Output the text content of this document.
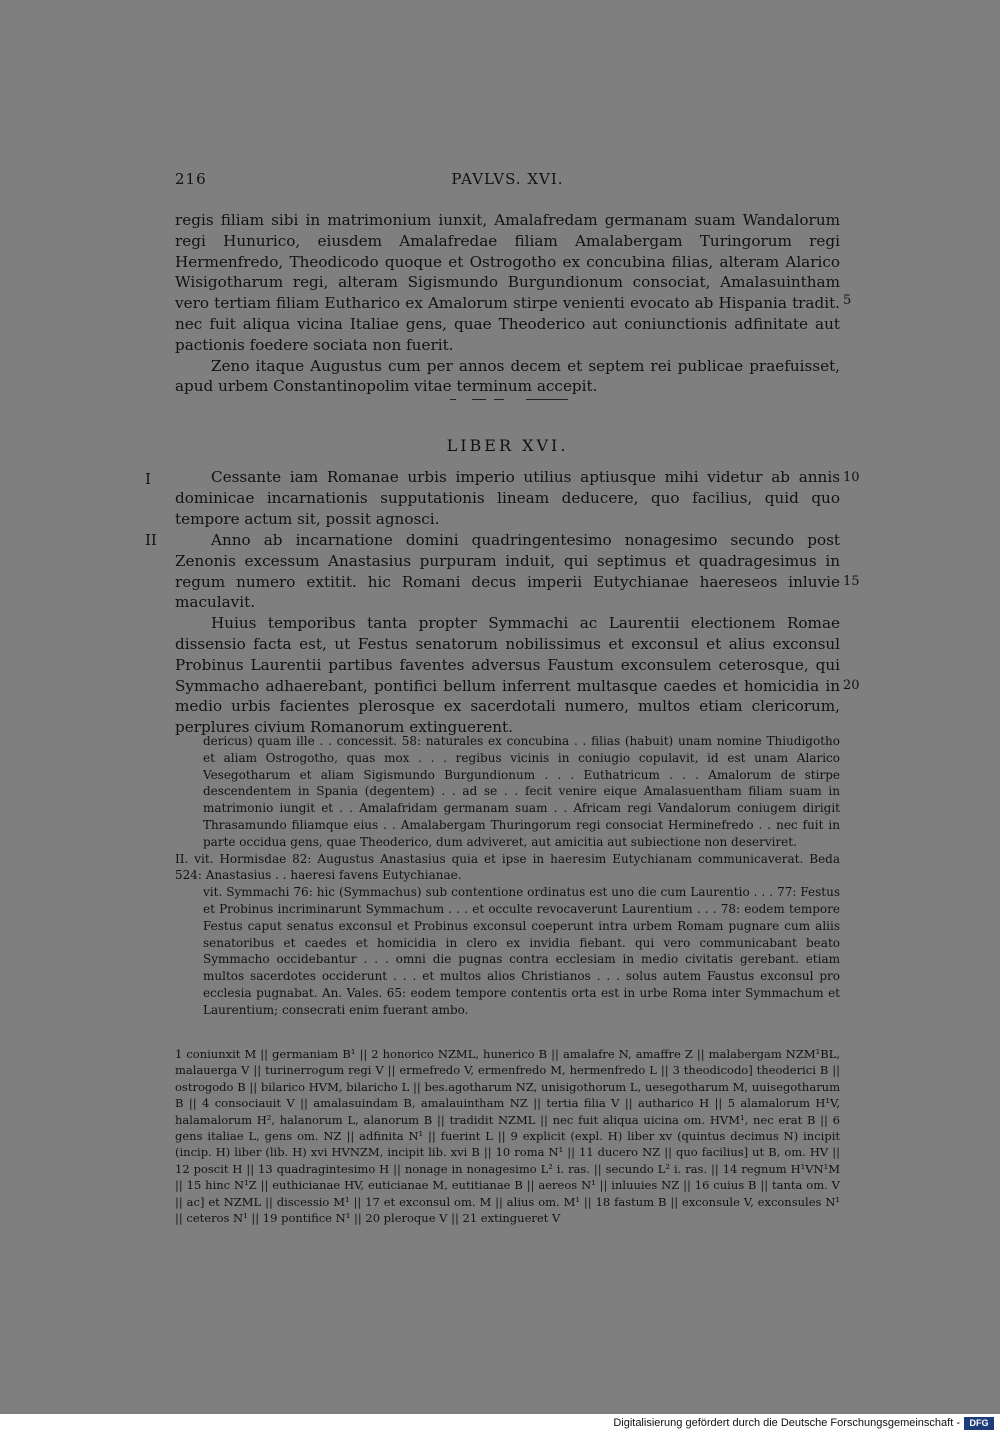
216	PAVLVS. XVI.

regis filiam sibi in matrimonium iunxit, Amalafredam germanam suam Wandalorum regi Hunurico, eiusdem Amalafredae filiam Amalabergam Turingorum regi Hermenfredo, Theodicodo quoque et Ostrogotho ex concubina filias, alteram Alarico Wisigotharum regi, alteram Sigismundo Burgundionum consociat, Amalasuintham vero tertiam filiam Eutharico ex Amalorum stirpe venienti evocato ab Hispania tradit. nec fuit aliqua vicina Italiae gens, quae Theoderico aut coniunctionis adfinitate aut pactionis foedere sociata non fuerit.

Zeno itaque Augustus cum per annos decem et septem rei publicae praefuisset, apud urbem Constantinopolim vitae terminum accepit.

5
LIBER XVI.
I	Cessante iam Romanae urbis imperio utilius aptiusque mihi videtur ab annis dominicae incarnationis supputationis lineam deducere, quo facilius, quid quo tempore actum sit, possit agnosci.

10
II	Anno ab incarnatione domini quadringentesimo nonagesimo secundo post Zenonis excessum Anastasius purpuram induit, qui septimus et quadragesimus in regum numero extitit. hic Romani decus imperii Eutychianae haereseos inluvie maculavit.

Huius temporibus tanta propter Symmachi ac Laurentii electionem Romae dissensio facta est, ut Festus senatorum nobilissimus et exconsul et alius exconsul Probinus Laurentii partibus faventes adversus Faustum exconsulem ceterosque, qui Symmacho adhaerebant, pontifici bellum inferrent multasque caedes et homicidia in medio urbis facientes plerosque ex sacerdotali numero, multos etiam clericorum, perplures civium Romanorum extinguerent.

15
20

dericus) quam ille . . concessit. 58: naturales ex concubina . . filias (habuit) unam nomine Thiudigotho et aliam Ostrogotho, quas mox . . . regibus vicinis in coniugio copulavit, id est unam Alarico Vesegotharum et aliam Sigismundo Burgundionum . . . Euthatricum . . . Amalorum de stirpe descendentem in Spania (degentem) . . ad se . . fecit venire eique Amalasuentham filiam suam in matrimonio iungit et . . Amalafridam germanam suam . . Africam regi Vandalorum coniugem dirigit Thrasamundo filiamque eius . . Amalabergam Thuringorum regi consociat Herminefredo . . nec fuit in parte occidua gens, quae Theoderico, dum adviveret, aut amicitia aut subiectione non deserviret.

II. vit. Hormisdae 82: Augustus Anastasius quia et ipse in haeresim Eutychianam communicaverat. Beda 524: Anastasius . . haeresi favens Eutychianae.

vit. Symmachi 76: hic (Symmachus) sub contentione ordinatus est uno die cum Laurentio . . . 77: Festus et Probinus incriminarunt Symmachum . . . et occulte revocaverunt Laurentium . . . 78: eodem tempore Festus caput senatus exconsul et Probinus exconsul coeperunt intra urbem Romam pugnare cum aliis senatoribus et caedes et homicidia in clero ex invidia fiebant. qui vero communicabant beato Symmacho occidebantur . . . omni die pugnas contra ecclesiam in medio civitatis gerebant. etiam multos sacerdotes occiderunt . . . et multos alios Christianos . . . solus autem Faustus exconsul pro ecclesia pugnabat. An. Vales. 65: eodem tempore contentis orta est in urbe Roma inter Symmachum et Laurentium; consecrati enim fuerant ambo.

1 coniunxit M || germaniam B¹ || 2 honorico NZML, hunerico B || amalafre N, amaffre Z || malabergam NZM¹BL, malauerga V || turinerrogum regi V || ermefredo V, ermenfredo M, hermenfredo L || 3 theodicodo] theoderici B || ostrogodo B || bilarico HVM, bilaricho L || bes.agotharum NZ, unisigothorum L, uesegotharum M, uuisegotharum B || 4 consociauit V || amalasuindam B, amalauintham NZ || tertia filia V || autharico H || 5 alamalorum H¹V, halamalorum H², halanorum L, alanorum B || tradidit NZML || nec fuit aliqua uicina om. HVM¹, nec erat B || 6 gens italiae L, gens om. NZ || adfinita N¹ || fuerint L || 9 explicit (expl. H) liber xv (quintus decimus N) incipit (incip. H) liber (lib. H) xvi HVNZM, incipit lib. xvi B || 10 roma N¹ || 11 ducero NZ || quo facilius] ut B, om. HV || 12 poscit H || 13 quadragintesimo H || nonage in nonagesimo L² i. ras. || secundo L² i. ras. || 14 regnum H¹VN¹M || 15 hinc N¹Z || euthicianae HV, euticianae M, eutitianae B || aereos N¹ || inluuies NZ || 16 cuius B || tanta om. V || ac] et NZML || discessio M¹ || 17 et exconsul om. M || alius om. M¹ || 18 fastum B || exconsule V, exconsules N¹ || ceteros N¹ || 19 pontifice N¹ || 20 pleroque V || 21 extingueret V
Digitalisierung gefördert durch die Deutsche Forschungsgemeinschaft -	DFG
